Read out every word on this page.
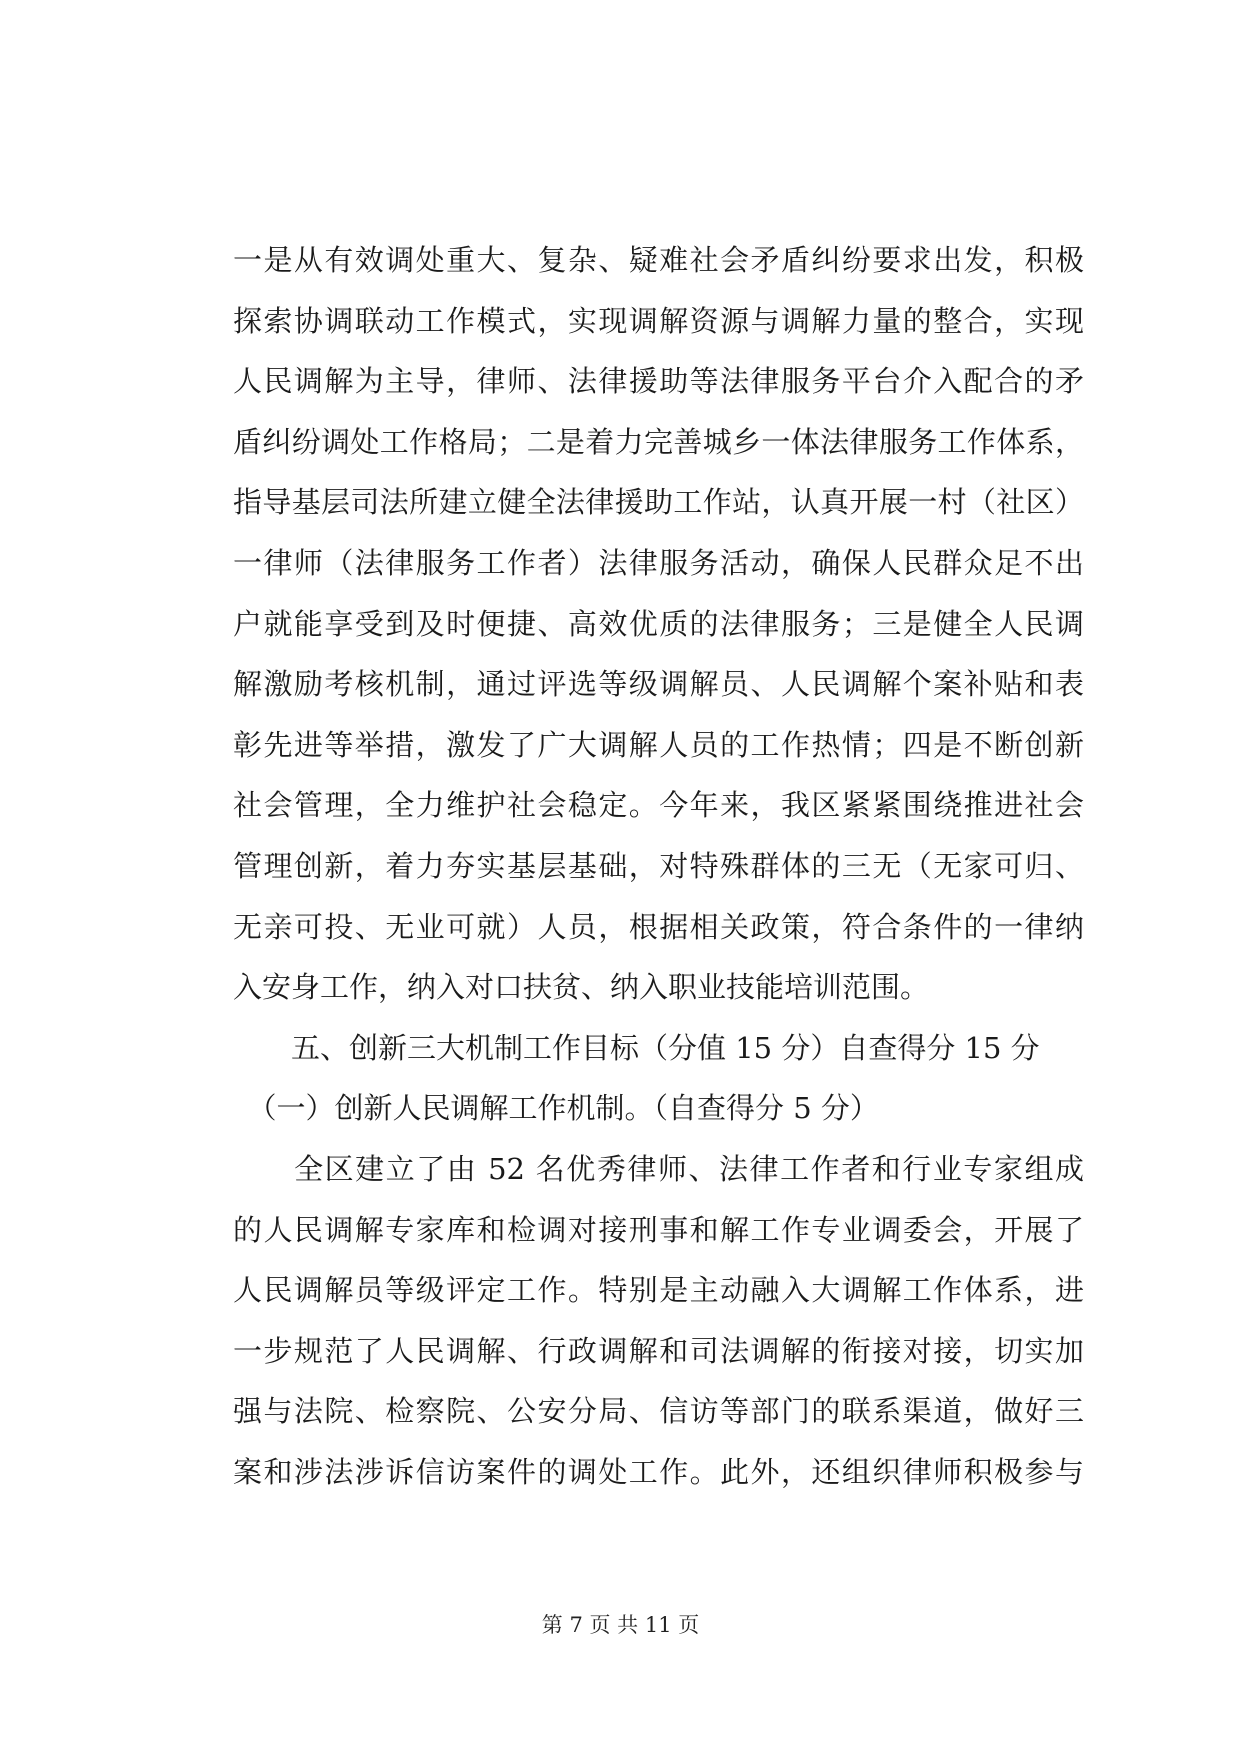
一是从有效调处重大、复杂、疑难社会矛盾纠纷要求出发，积极
探索协调联动工作模式，实现调解资源与调解力量的整合，实现
人民调解为主导，律师、法律援助等法律服务平台介入配合的矛
盾纠纷调处工作格局；二是着力完善城乡一体法律服务工作体系，
指导基层司法所建立健全法律援助工作站，认真开展一村（社区）
一律师（法律服务工作者）法律服务活动，确保人民群众足不出
户就能享受到及时便捷、高效优质的法律服务；三是健全人民调
解激励考核机制，通过评选等级调解员、人民调解个案补贴和表
彰先进等举措，激发了广大调解人员的工作热情；四是不断创新
社会管理，全力维护社会稳定。今年来，我区紧紧围绕推进社会
管理创新，着力夯实基层基础，对特殊群体的三无（无家可归、
无亲可投、无业可就）人员，根据相关政策，符合条件的一律纳
入安身工作，纳入对口扶贫、纳入职业技能培训范围。
　　五、创新三大机制工作目标（分值 15 分）自查得分 15 分
　（一）创新人民调解工作机制。（自查得分 5 分）
　　全区建立了由 52 名优秀律师、法律工作者和行业专家组成
的人民调解专家库和检调对接刑事和解工作专业调委会，开展了
人民调解员等级评定工作。特别是主动融入大调解工作体系，进
一步规范了人民调解、行政调解和司法调解的衔接对接，切实加
强与法院、检察院、公安分局、信访等部门的联系渠道，做好三
案和涉法涉诉信访案件的调处工作。此外，还组织律师积极参与
第 7 页 共 11 页
